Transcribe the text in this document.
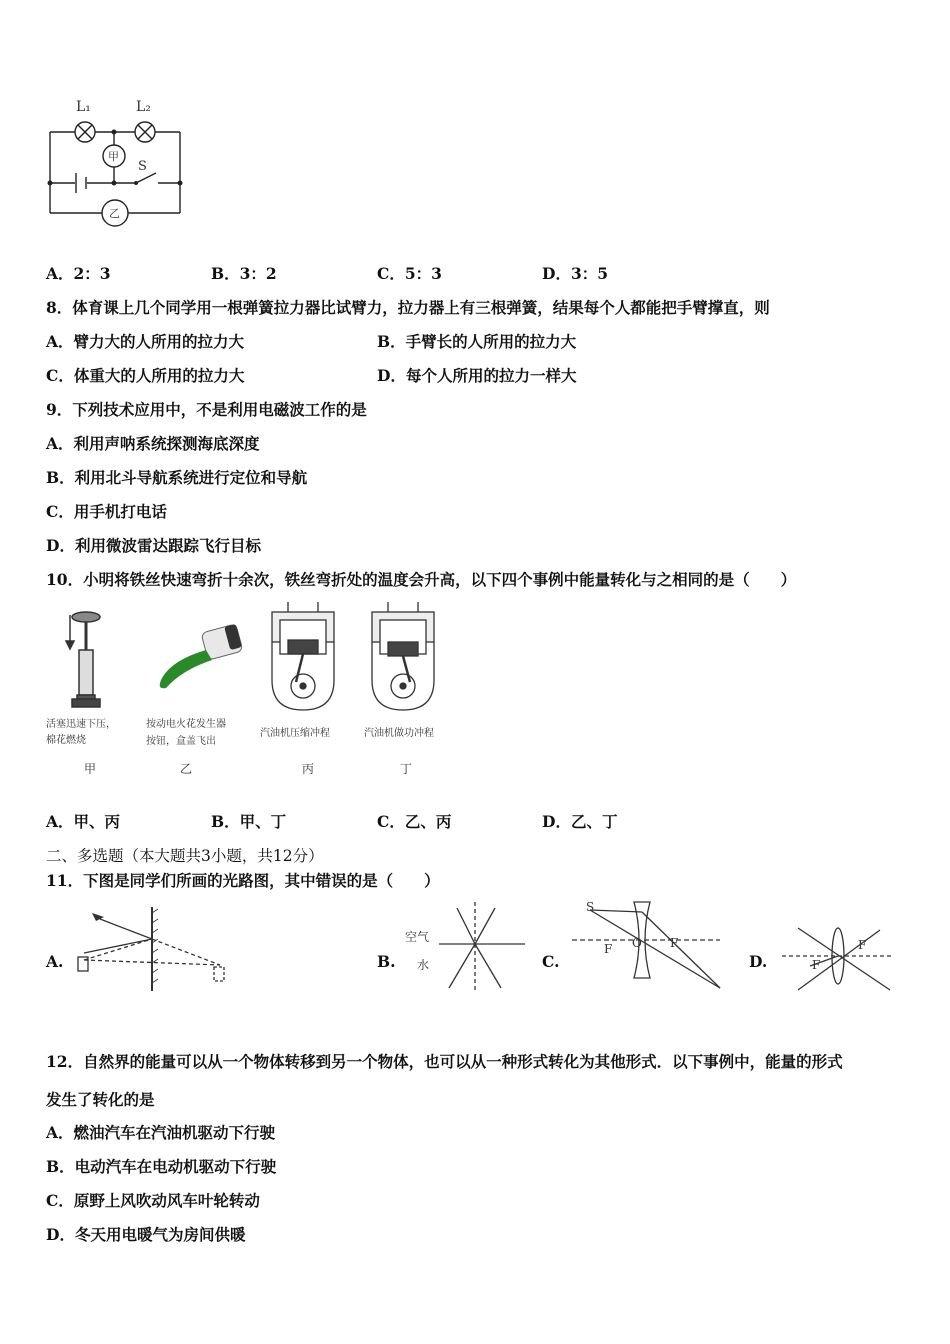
L₁	L₂
甲
乙
S
A．2：3	B．3：2	C．5：3	D．3：5
8．体育课上几个同学用一根弹簧拉力器比试臂力，拉力器上有三根弹簧，结果每个人都能把手臂撑直，则
A．臂力大的人所用的拉力大	B．手臂长的人所用的拉力大
C．体重大的人所用的拉力大	D．每个人所用的拉力一样大
9．下列技术应用中，不是利用电磁波工作的是
A．利用声呐系统探测海底深度
B．利用北斗导航系统进行定位和导航
C．用手机打电话
D．利用微波雷达跟踪飞行目标
10．小明将铁丝快速弯折十余次，铁丝弯折处的温度会升高，以下四个事例中能量转化与之相同的是（　　）
活塞迅速下压，
棉花燃烧
甲
按动电火花发生器
按钮，盒盖飞出
乙
汽油机压缩冲程
丙
汽油机做功冲程
丁
A．甲、丙	B．甲、丁	C．乙、丙	D．乙、丁
二、多选题（本大题共3小题，共12分）
11．下图是同学们所画的光路图，其中错误的是（　　）
A.	B.
空气
水	C.
S
F O F
D.	F
F
12．自然界的能量可以从一个物体转移到另一个物体，也可以从一种形式转化为其他形式．以下事例中，能量的形式
发生了转化的是
A．燃油汽车在汽油机驱动下行驶
B．电动汽车在电动机驱动下行驶
C．原野上风吹动风车叶轮转动
D．冬天用电暖气为房间供暖
